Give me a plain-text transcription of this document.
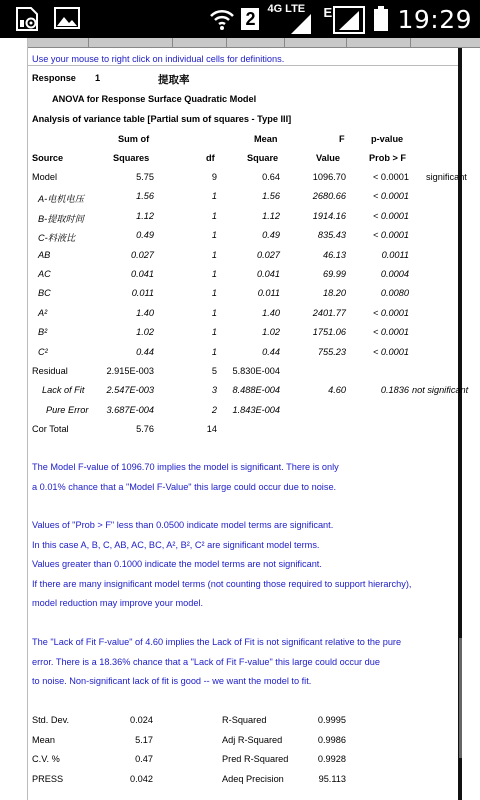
2	4G LTE E	19:29
Use your mouse to right click on individual cells for definitions.
Response 1	提取率
ANOVA for Response Surface Quadratic Model
Analysis of variance table [Partial sum of squares - Type III]
Sum of	Mean	F	p-value
Source	Squares	df	Square	Value	Prob > F
Model	5.75	9	0.64	1096.70	< 0.0001 significant
A-电机电压	1.56	1	1.56	2680.66	< 0.0001
B-提取时间	1.12	1	1.12	1914.16	< 0.0001
C-料液比	0.49	1	0.49	835.43	< 0.0001
AB	0.027	1	0.027	46.13	0.0011
AC	0.041	1	0.041	69.99	0.0004
BC	0.011	1	0.011	18.20	0.0080
A²	1.40	1	1.40	2401.77	< 0.0001
B²	1.02	1	1.02	1751.06	< 0.0001
C²	0.44	1	0.44	755.23	< 0.0001
Residual	2.915E-003	5 5.830E-004
Lack of Fit 2.547E-003	3 8.488E-004	4.60	0.1836 not significant
Pure Error 3.687E-004	2 1.843E-004
Cor Total	5.76	14
The Model F-value of 1096.70 implies the model is significant. There is only
a 0.01% chance that a "Model F-Value" this large could occur due to noise.
Values of "Prob > F" less than 0.0500 indicate model terms are significant.
In this case A, B, C, AB, AC, BC, A², B², C² are significant model terms.
Values greater than 0.1000 indicate the model terms are not significant.
If there are many insignificant model terms (not counting those required to support hierarchy),
model reduction may improve your model.
The "Lack of Fit F-value" of 4.60 implies the Lack of Fit is not significant relative to the pure
error. There is a 18.36% chance that a "Lack of Fit F-value" this large could occur due
to noise. Non-significant lack of fit is good -- we want the model to fit.
Std. Dev.	0.024	R-Squared	0.9995
Mean	5.17	Adj R-Squared	0.9986
C.V. %	0.47	Pred R-Squared	0.9928
PRESS	0.042	Adeq Precision	95.113
